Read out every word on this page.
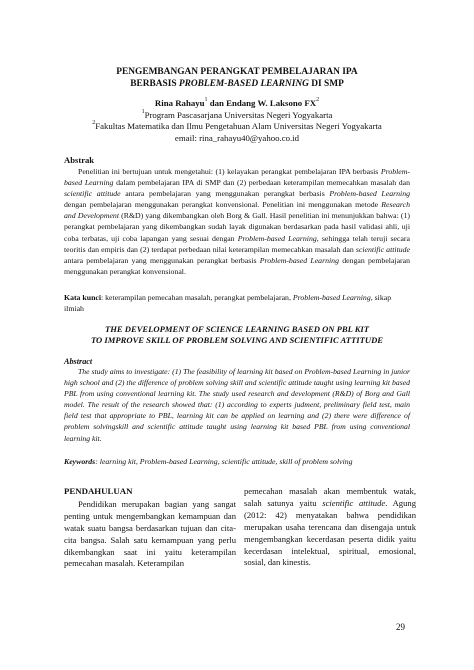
PENGEMBANGAN PERANGKAT PEMBELAJARAN IPA
BERBASIS PROBLEM-BASED LEARNING DI SMP
Rina Rahayu$^1$ dan Endang W. Laksono $FX^2$
$^1$Program Pascasarjana Universitas Negeri Yogyakarta
$^2$Fakultas Matematika dan Ilmu Pengetahuan Alam Universitas Negeri Yogyakarta
email: rina_rahayu40@yahoo.co.id
Abstrak
Penelitian ini bertujuan untuk mengetahui: (1) kelayakan perangkat pembelajaran IPA berbasis Problem-based Learning dalam pembelajaran IPA di SMP dan (2) perbedaan keterampilan memecahkan masalah dan scientific attitude antara pembelajaran yang menggunakan perangkat berbasis Problem-based Learning dengan pembelajaran menggunakan perangkat konvensional. Penelitian ini menggunakan metode Research and Development (R&D) yang dikembangkan oleh Borg & Gall. Hasil penelitian ini menunjukkan bahwa: (1) perangkat pembelajaran yang dikembangkan sudah layak digunakan berdasarkan pada hasil validasi ahli, uji coba terbatas, uji coba lapangan yang sesuai dengan Problem-based Learning, sehingga telah teruji secara teoritis dan empiris dan (2) terdapat perbedaan nilai keterampilan memecahkan masalah dan scientific attitude antara pembelajaran yang menggunakan perangkat berbasis Problem-based Learning dengan pembelajaran menggunakan perangkat konvensional.
Kata kunci: keterampilan pemecahan masalah, perangkat pembelajaran, Problem-based Learning, sikap ilmiah
THE DEVELOPMENT OF SCIENCE LEARNING BASED ON PBL KIT
TO IMPROVE SKILL OF PROBLEM SOLVING AND SCIENTIFIC ATTITUDE
Abstract
The study aims to investigate: (1) The feasibility of learning kit based on Problem-based Learning in junior high school and (2) the difference of problem solving skill and scientific attitude taught using learning kit based PBL from using conventional learning kit. The study used research and development (R&D) of Borg and Gall model. The result of the research showed that: (1) according to experts judment, preliminary field test, main field test that appropriate to PBL, learning kit can be applied on learning and (2) there were difference of problem solvingskill and scientific attitude taught using learning kit based PBL from using conventional learning kit.
Keywords: learning kit, Problem-based Learning, scientific attitude, skill of problem solving
PENDAHULUAN
Pendidikan merupakan bagian yang sangat penting untuk mengembangkan kemampuan dan watak suatu bangsa berdasarkan tujuan dan cita-cita bangsa. Salah satu kemampuan yang perlu dikembangkan saat ini yaitu keterampilan pemecahan masalah. Keterampilan
pemecahan masalah akan membentuk watak, salah satunya yaitu scientific attitude. Agung (2012: 42) menyatakan bahwa pendidikan merupakan usaha terencana dan disengaja untuk mengembangkan kecerdasan peserta didik yaitu kecerdasan intelektual, spiritual, emosional, sosial, dan kinestis.
29
